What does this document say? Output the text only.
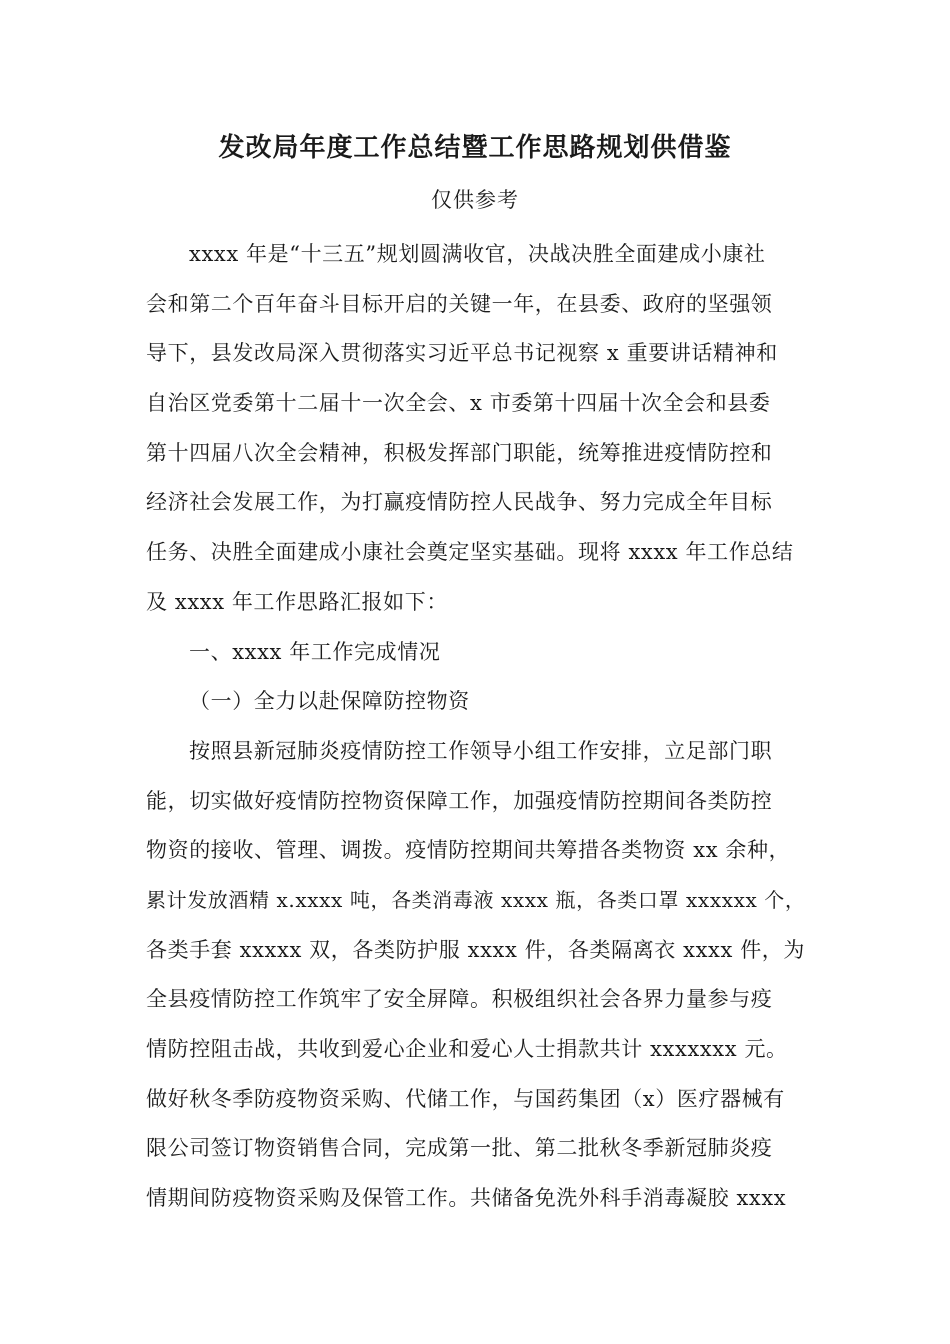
发改局年度工作总结暨工作思路规划供借鉴
仅供参考
xxxx 年是“十三五”规划圆满收官，决战决胜全面建成小康社
会和第二个百年奋斗目标开启的关键一年，在县委、政府的坚强领
导下，县发改局深入贯彻落实习近平总书记视察 x 重要讲话精神和
自治区党委第十二届十一次全会、x 市委第十四届十次全会和县委
第十四届八次全会精神，积极发挥部门职能，统筹推进疫情防控和
经济社会发展工作，为打赢疫情防控人民战争、努力完成全年目标
任务、决胜全面建成小康社会奠定坚实基础。现将 xxxx 年工作总结
及 xxxx 年工作思路汇报如下：
一、xxxx 年工作完成情况
（一）全力以赴保障防控物资
按照县新冠肺炎疫情防控工作领导小组工作安排，立足部门职
能，切实做好疫情防控物资保障工作，加强疫情防控期间各类防控
物资的接收、管理、调拨。疫情防控期间共筹措各类物资 xx 余种，
累计发放酒精 x.xxxx 吨，各类消毒液 xxxx 瓶，各类口罩 xxxxxx 个，
各类手套 xxxxx 双，各类防护服 xxxx 件，各类隔离衣 xxxx 件，为
全县疫情防控工作筑牢了安全屏障。积极组织社会各界力量参与疫
情防控阻击战，共收到爱心企业和爱心人士捐款共计 xxxxxxx 元。
做好秋冬季防疫物资采购、代储工作，与国药集团（x）医疗器械有
限公司签订物资销售合同，完成第一批、第二批秋冬季新冠肺炎疫
情期间防疫物资采购及保管工作。共储备免洗外科手消毒凝胶 xxxx
